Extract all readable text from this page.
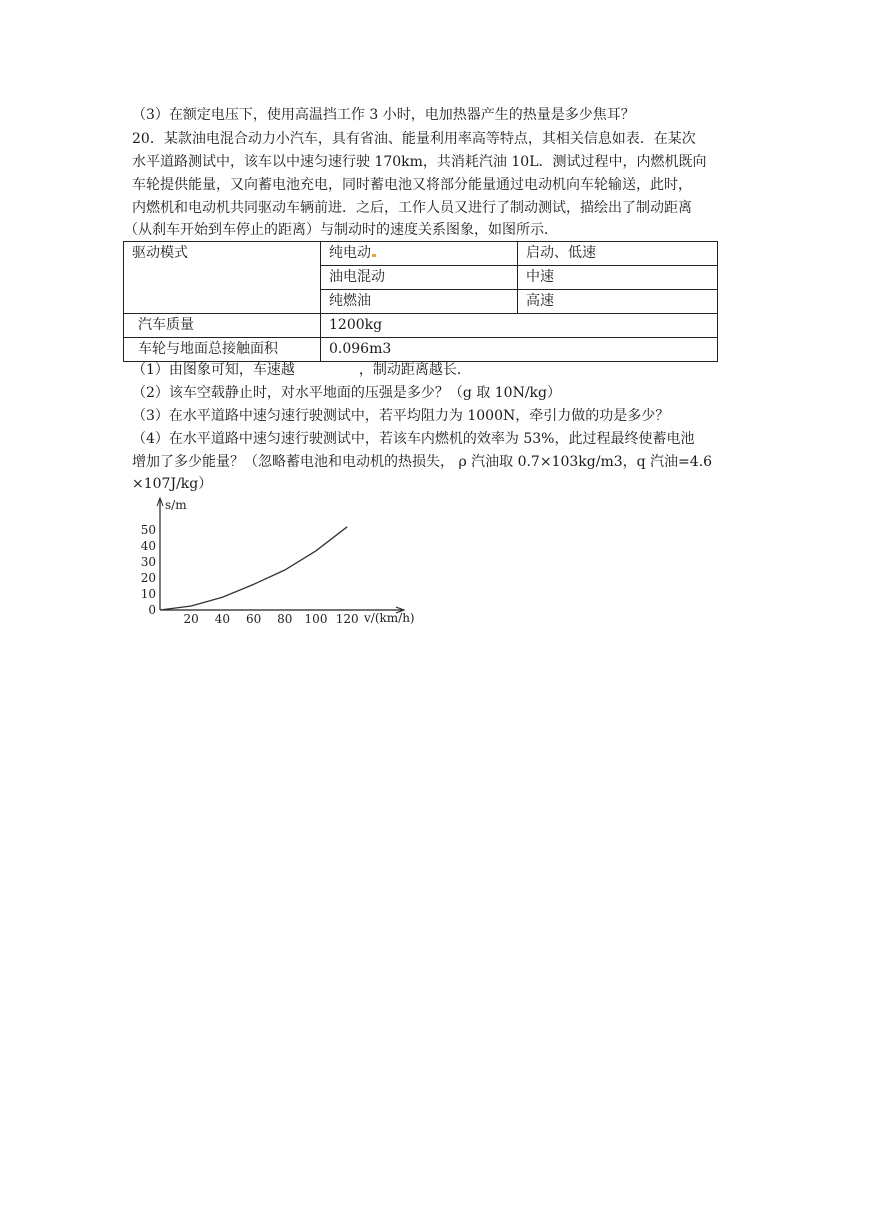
（3）在额定电压下，使用高温挡工作 3 小时，电加热器产生的热量是多少焦耳？
20．某款油电混合动力小汽车，具有省油、能量利用率高等特点，其相关信息如表．在某次
水平道路测试中，该车以中速匀速行驶 170km，共消耗汽油 10L．测试过程中，内燃机既向
车轮提供能量，又向蓄电池充电，同时蓄电池又将部分能量通过电动机向车轮输送，此时，
内燃机和电动机共同驱动车辆前进．之后，工作人员又进行了制动测试，描绘出了制动距离
（从刹车开始到车停止的距离）与制动时的速度关系图象，如图所示．
驱动模式	纯电动	启动、低速
	油电混动	中速
	纯燃油	高速
汽车质量	1200kg	
车轮与地面总接触面积	0.096m3	
（1）由图象可知，车速越	，制动距离越长．
（2）该车空载静止时，对水平地面的压强是多少？（g 取 10N/kg）
（3）在水平道路中速匀速行驶测试中，若平均阻力为 1000N，牵引力做的功是多少？
（4）在水平道路中速匀速行驶测试中，若该车内燃机的效率为 53%，此过程最终使蓄电池
增加了多少能量？（忽略蓄电池和电动机的热损失， ρ 汽油取 0.7×103kg/m3，q 汽油=4.6
×107J/kg）
s/m
v/(km/h)
0
10
20
30
40
50
20 40 60 80 100 120
